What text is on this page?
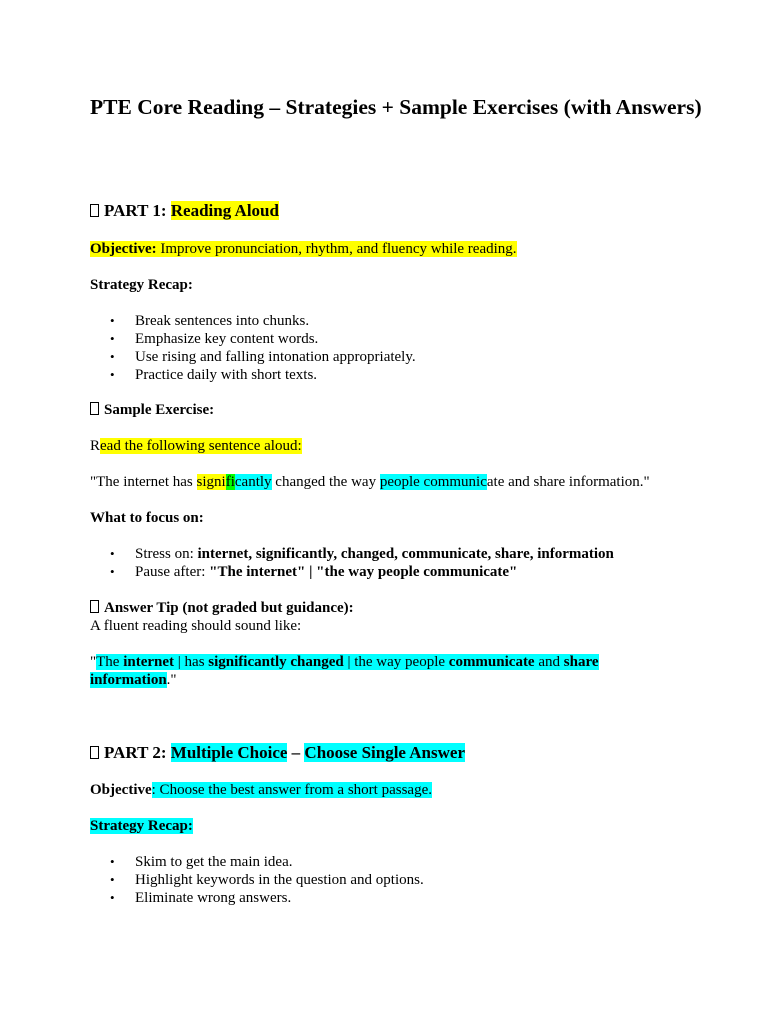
PTE Core Reading – Strategies + Sample Exercises (with Answers)
PART 1: Reading Aloud

Objective: Improve pronunciation, rhythm, and fluency while reading.

Strategy Recap:

• Break sentences into chunks.
• Emphasize key content words.
• Use rising and falling intonation appropriately.
• Practice daily with short texts.

Sample Exercise:

Read the following sentence aloud:

"The internet has significantly changed the way people communicate and share information."

What to focus on:

• Stress on: internet, significantly, changed, communicate, share, information
• Pause after: "The internet" | "the way people communicate"

Answer Tip (not graded but guidance):
A fluent reading should sound like:

"The internet | has significantly changed | the way people communicate and share
information."

PART 2: Multiple Choice – Choose Single Answer

Objective: Choose the best answer from a short passage.

Strategy Recap:

• Skim to get the main idea.
• Highlight keywords in the question and options.
• Eliminate wrong answers.
